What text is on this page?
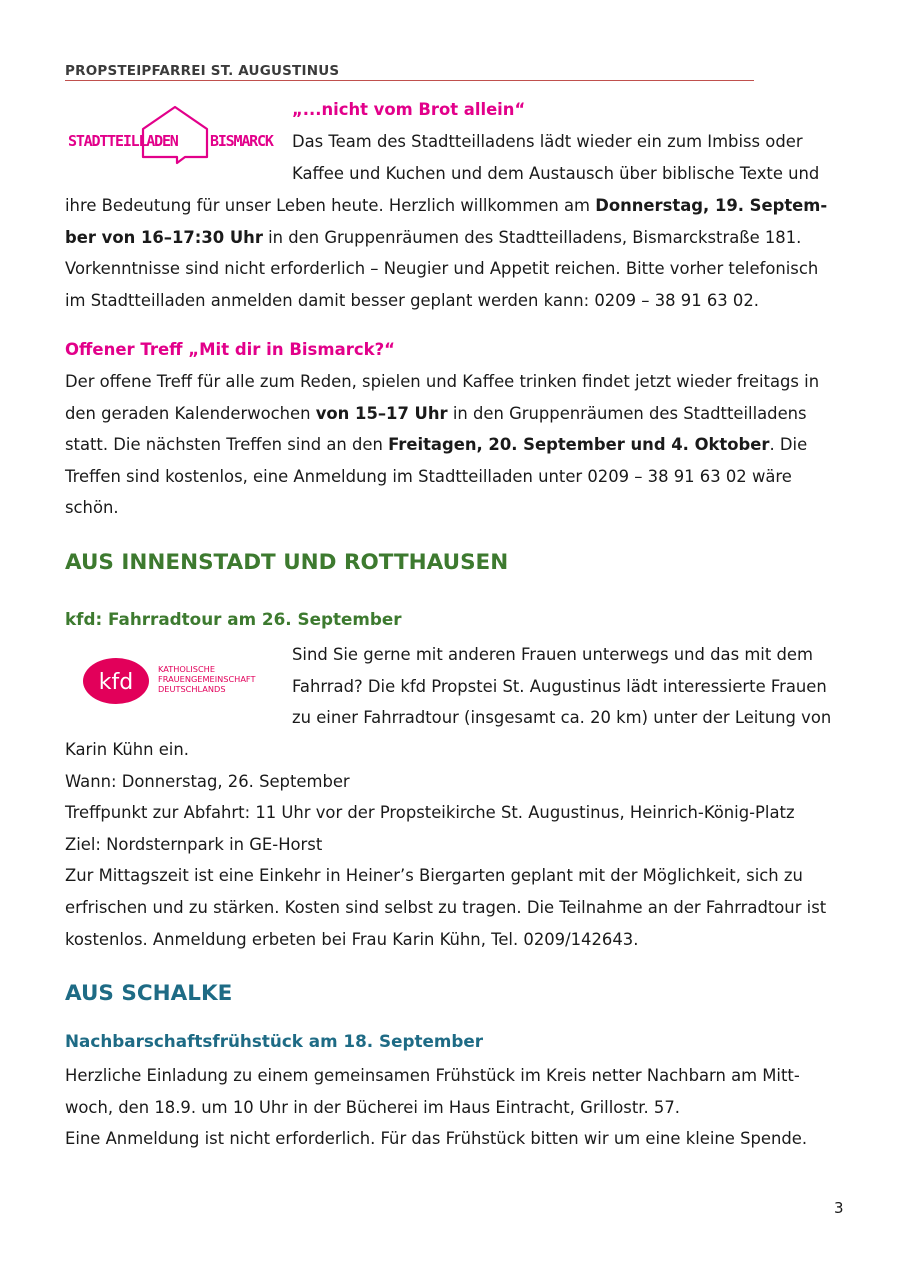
PROPSTEIPFARREI ST. AUGUSTINUS
STADTTEILLADEN BISMARCK
„...nicht vom Brot allein“
Das Team des Stadtteilladens lädt wieder ein zum Imbiss oder
Kaffee und Kuchen und dem Austausch über biblische Texte und
ihre Bedeutung für unser Leben heute. Herzlich willkommen am Donnerstag, 19. Septem-
ber von 16–17:30 Uhr in den Gruppenräumen des Stadtteilladens, Bismarckstraße 181.
Vorkenntnisse sind nicht erforderlich – Neugier und Appetit reichen. Bitte vorher telefonisch
im Stadtteilladen anmelden damit besser geplant werden kann: 0209 – 38 91 63 02.
Offener Treff „Mit dir in Bismarck?“
Der offene Treff für alle zum Reden, spielen und Kaffee trinken findet jetzt wieder freitags in
den geraden Kalenderwochen von 15–17 Uhr in den Gruppenräumen des Stadtteilladens
statt. Die nächsten Treffen sind an den Freitagen, 20. September und 4. Oktober. Die
Treffen sind kostenlos, eine Anmeldung im Stadtteilladen unter 0209 – 38 91 63 02 wäre
schön.
AUS INNENSTADT UND ROTTHAUSEN
kfd: Fahrradtour am 26. September
kfd
KATHOLISCHE
FRAUENGEMEINSCHAFT
DEUTSCHLANDS
Sind Sie gerne mit anderen Frauen unterwegs und das mit dem
Fahrrad? Die kfd Propstei St. Augustinus lädt interessierte Frauen
zu einer Fahrradtour (insgesamt ca. 20 km) unter der Leitung von
Karin Kühn ein.
Wann: Donnerstag, 26. September
Treffpunkt zur Abfahrt: 11 Uhr vor der Propsteikirche St. Augustinus, Heinrich-König-Platz
Ziel: Nordsternpark in GE-Horst
Zur Mittagszeit ist eine Einkehr in Heiner’s Biergarten geplant mit der Möglichkeit, sich zu
erfrischen und zu stärken. Kosten sind selbst zu tragen. Die Teilnahme an der Fahrradtour ist
kostenlos. Anmeldung erbeten bei Frau Karin Kühn, Tel. 0209/142643.
AUS SCHALKE
Nachbarschaftsfrühstück am 18. September
Herzliche Einladung zu einem gemeinsamen Frühstück im Kreis netter Nachbarn am Mitt-
woch, den 18.9. um 10 Uhr in der Bücherei im Haus Eintracht, Grillostr. 57.
Eine Anmeldung ist nicht erforderlich. Für das Frühstück bitten wir um eine kleine Spende.
3
